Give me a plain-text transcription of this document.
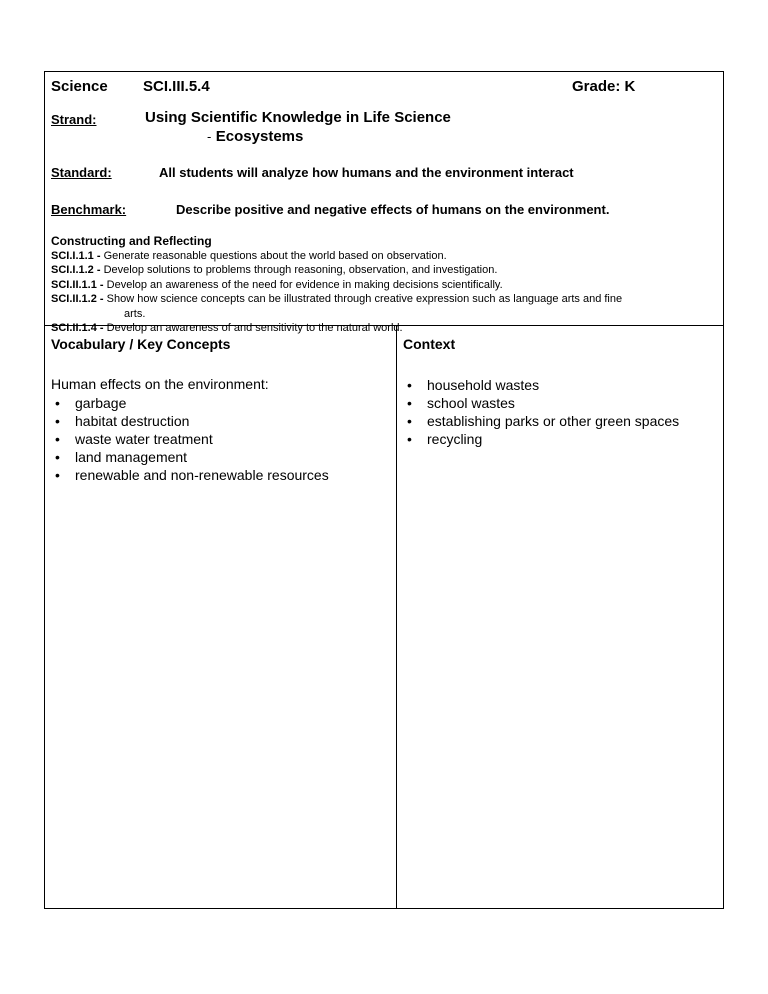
Science SCI.III.5.4	Grade: K
Strand:	Using Scientific Knowledge in Life Science
- Ecosystems
Standard:	All students will analyze how humans and the environment interact
Benchmark:	Describe positive and negative effects of humans on the environment.
Constructing and Reflecting
SCI.I.1.1 - Generate reasonable questions about the world based on observation.
SCI.I.1.2 - Develop solutions to problems through reasoning, observation, and investigation.
SCI.II.1.1 - Develop an awareness of the need for evidence in making decisions scientifically.
SCI.II.1.2 - Show how science concepts can be illustrated through creative expression such as language arts and fine
arts.
SCI.II.1.4 - Develop an awareness of and sensitivity to the natural world.
Vocabulary / Key Concepts
Human effects on the environment:
• garbage
• habitat destruction
• waste water treatment
• land management
• renewable and non-renewable resources
Context
• household wastes
• school wastes
• establishing parks or other green spaces
• recycling
